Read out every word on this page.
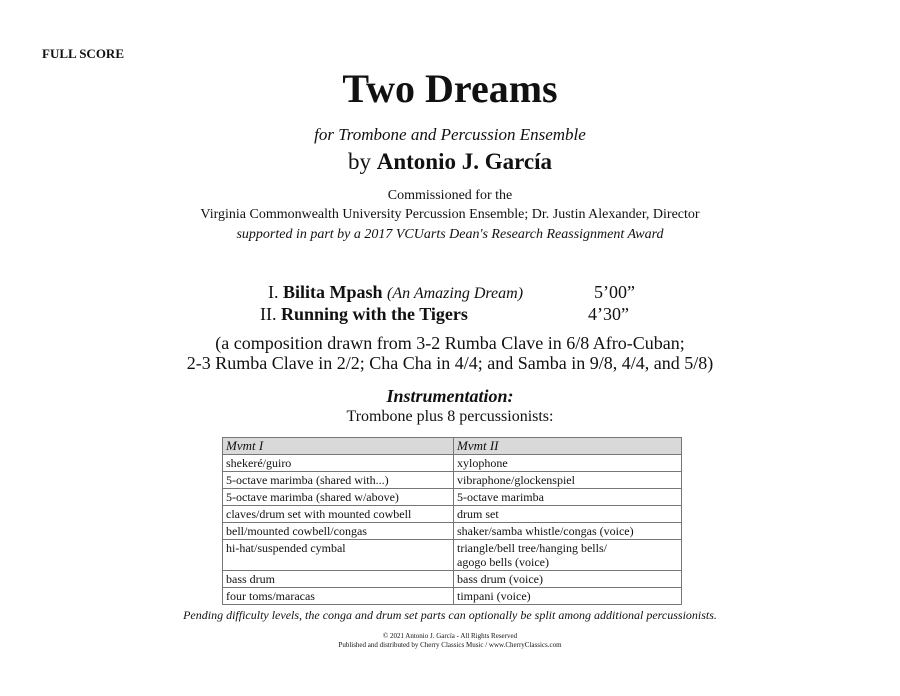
FULL SCORE
Two Dreams
for Trombone and Percussion Ensemble
by Antonio J. García
Commissioned for the
Virginia Commonwealth University Percussion Ensemble; Dr. Justin Alexander, Director
supported in part by a 2017 VCUarts Dean's Research Reassignment Award
I. Bilita Mpash (An Amazing Dream)	5’00”
II. Running with the Tigers	4’30”
(a composition drawn from 3-2 Rumba Clave in 6/8 Afro-Cuban;
2-3 Rumba Clave in 2/2; Cha Cha in 4/4; and Samba in 9/8, 4/4, and 5/8)
Instrumentation:
Trombone plus 8 percussionists:
Mvmt I	Mvmt II
shekeré/guiro	xylophone
5-octave marimba (shared with...)	vibraphone/glockenspiel
5-octave marimba (shared w/above)	5-octave marimba
claves/drum set with mounted cowbell	drum set
bell/mounted cowbell/congas	shaker/samba whistle/congas (voice)
hi-hat/suspended cymbal	triangle/bell tree/hanging bells/
agogo bells (voice)
bass drum	bass drum (voice)
four toms/maracas	timpani (voice)
Pending difficulty levels, the conga and drum set parts can optionally be split among additional percussionists.
© 2021 Antonio J. García - All Rights Reserved
Published and distributed by Cherry Classics Music / www.CherryClassics.com
